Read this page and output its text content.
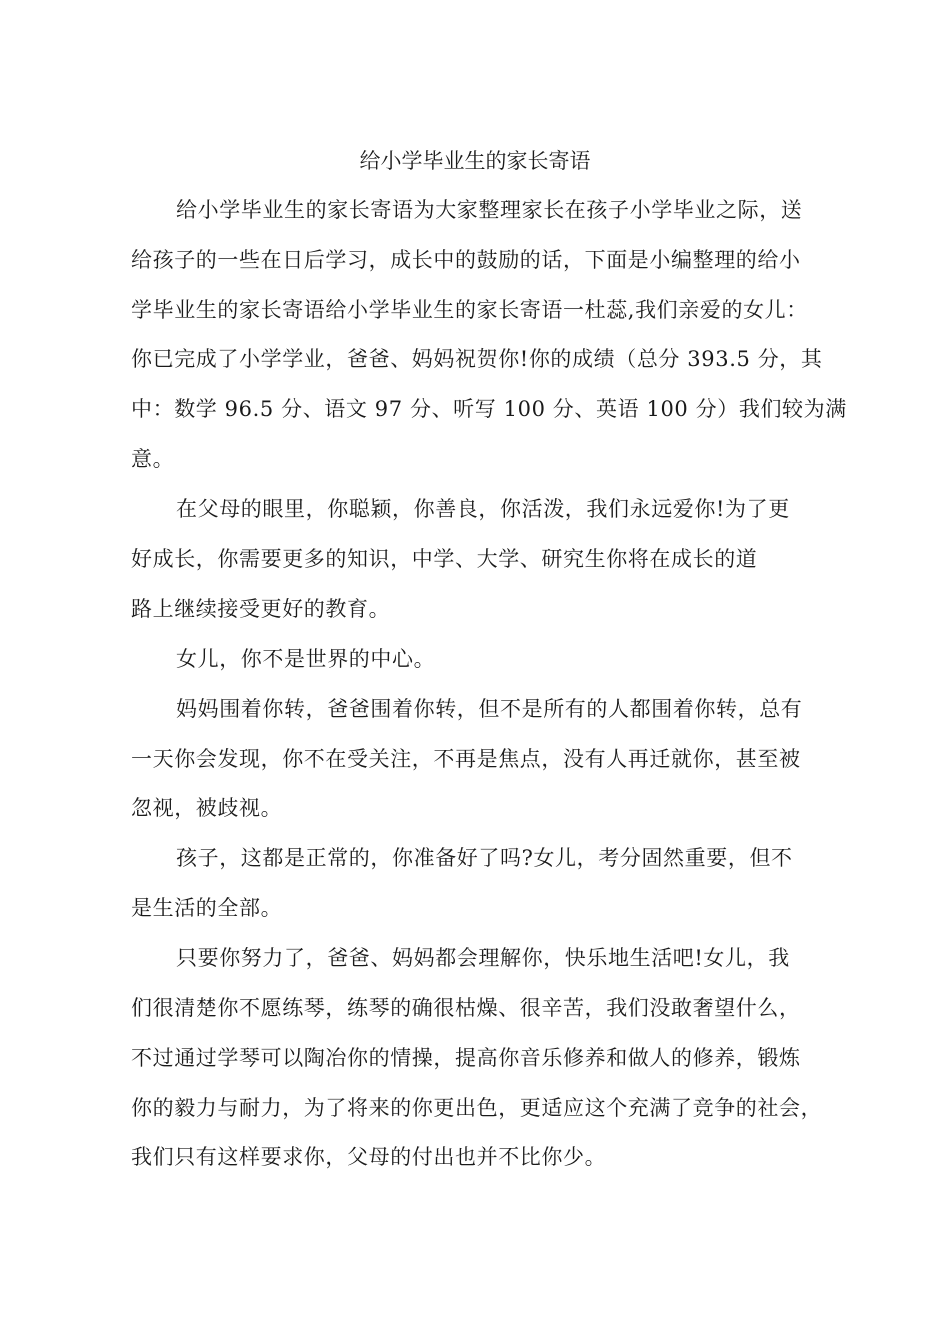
给小学毕业生的家长寄语
给小学毕业生的家长寄语为大家整理家长在孩子小学毕业之际，送
给孩子的一些在日后学习，成长中的鼓励的话，下面是小编整理的给小
学毕业生的家长寄语给小学毕业生的家长寄语一杜蕊,我们亲爱的女儿：
你已完成了小学学业，爸爸、妈妈祝贺你!你的成绩（总分 393.5 分，其
中：数学 96.5 分、语文 97 分、听写 100 分、英语 100 分）我们较为满
意。
在父母的眼里，你聪颖，你善良，你活泼，我们永远爱你!为了更
好成长，你需要更多的知识，中学、大学、研究生你将在成长的道
路上继续接受更好的教育。
女儿，你不是世界的中心。
妈妈围着你转，爸爸围着你转，但不是所有的人都围着你转，总有
一天你会发现，你不在受关注，不再是焦点，没有人再迁就你，甚至被
忽视，被歧视。
孩子，这都是正常的，你准备好了吗?女儿，考分固然重要，但不
是生活的全部。
只要你努力了，爸爸、妈妈都会理解你，快乐地生活吧!女儿，我
们很清楚你不愿练琴，练琴的确很枯燥、很辛苦，我们没敢奢望什么，
不过通过学琴可以陶冶你的情操，提高你音乐修养和做人的修养，锻炼
你的毅力与耐力，为了将来的你更出色，更适应这个充满了竞争的社会，
我们只有这样要求你，父母的付出也并不比你少。
